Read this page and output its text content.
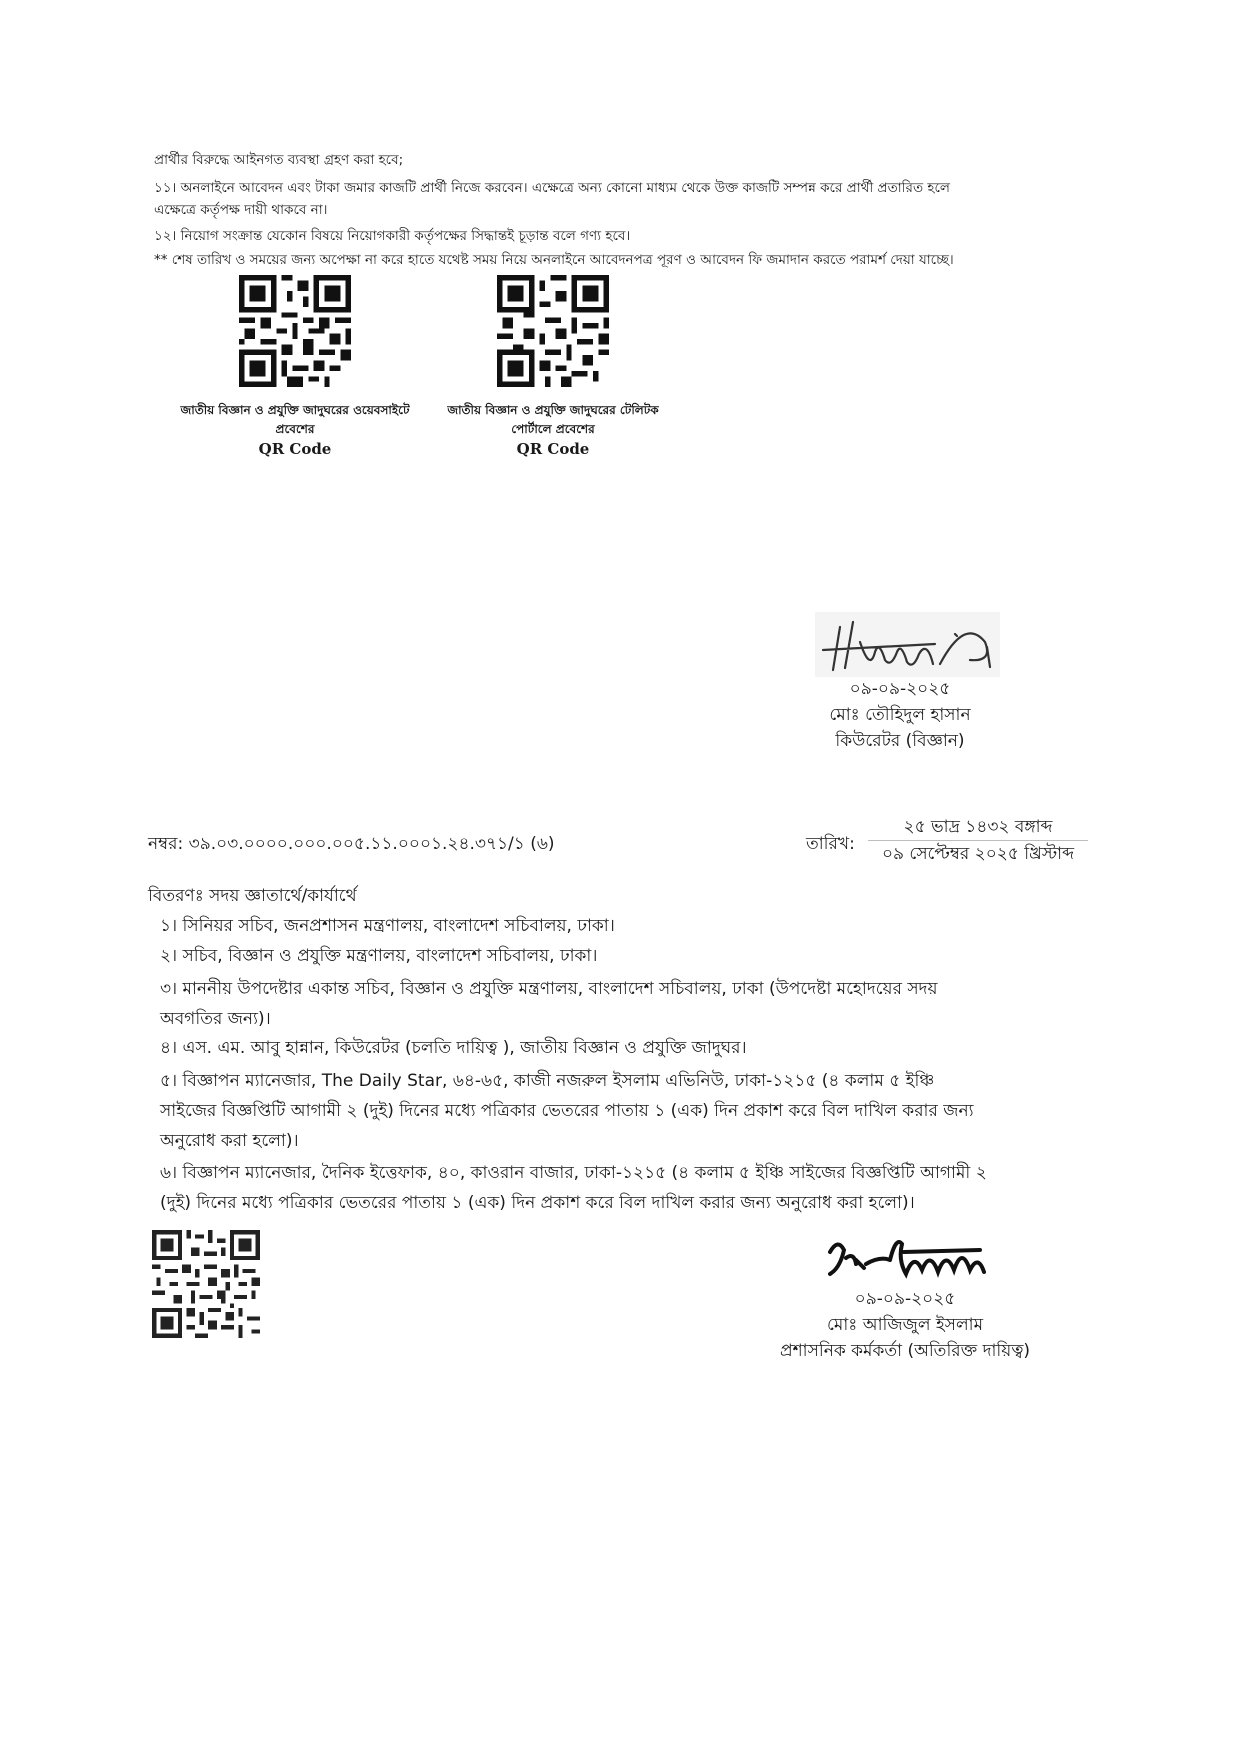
প্রার্থীর বিরুদ্ধে আইনগত ব্যবস্থা গ্রহণ করা হবে;
১১। অনলাইনে আবেদন এবং টাকা জমার কাজটি প্রার্থী নিজে করবেন। এক্ষেত্রে অন্য কোনো মাধ্যম থেকে উক্ত কাজটি সম্পন্ন করে প্রার্থী প্রতারিত হলে
এক্ষেত্রে কর্তৃপক্ষ দায়ী থাকবে না।
১২। নিয়োগ সংক্রান্ত যেকোন বিষয়ে নিয়োগকারী কর্তৃপক্ষের সিদ্ধান্তই চূড়ান্ত বলে গণ্য হবে।
** শেষ তারিখ ও সময়ের জন্য অপেক্ষা না করে হাতে যথেষ্ট সময় নিয়ে অনলাইনে আবেদনপত্র পূরণ ও আবেদন ফি জমাদান করতে পরামর্শ দেয়া যাচ্ছে।
জাতীয় বিজ্ঞান ও প্রযুক্তি জাদুঘরের ওয়েবসাইটে
প্রবেশের
QR Code
জাতীয় বিজ্ঞান ও প্রযুক্তি জাদুঘরের টেলিটক
পোর্টালে প্রবেশের
QR Code
০৯-০৯-২০২৫
মোঃ তৌহিদুল হাসান
কিউরেটর (বিজ্ঞান)
নম্বর: ৩৯.০৩.০০০০.০০০.০০৫.১১.০০০১.২৪.৩৭১/১ (৬)	তারিখ:
২৫ ভাদ্র ১৪৩২ বঙ্গাব্দ
০৯ সেপ্টেম্বর ২০২৫ খ্রিস্টাব্দ
বিতরণঃ সদয় জ্ঞাতার্থে/কার্যার্থে
১। সিনিয়র সচিব, জনপ্রশাসন মন্ত্রণালয়, বাংলাদেশ সচিবালয়, ঢাকা।
২। সচিব, বিজ্ঞান ও প্রযুক্তি মন্ত্রণালয়, বাংলাদেশ সচিবালয়, ঢাকা।
৩। মাননীয় উপদেষ্টার একান্ত সচিব, বিজ্ঞান ও প্রযুক্তি মন্ত্রণালয়, বাংলাদেশ সচিবালয়, ঢাকা (উপদেষ্টা মহোদয়ের সদয়
অবগতির জন্য)।
৪। এস. এম. আবু হান্নান, কিউরেটর (চলতি দায়িত্ব ), জাতীয় বিজ্ঞান ও প্রযুক্তি জাদুঘর।
৫। বিজ্ঞাপন ম্যানেজার, The Daily Star, ৬৪-৬৫, কাজী নজরুল ইসলাম এভিনিউ, ঢাকা-১২১৫ (৪ কলাম ৫ ইঞ্চি
সাইজের বিজ্ঞপ্তিটি আগামী ২ (দুই) দিনের মধ্যে পত্রিকার ভেতরের পাতায় ১ (এক) দিন প্রকাশ করে বিল দাখিল করার জন্য
অনুরোধ করা হলো)।
৬। বিজ্ঞাপন ম্যানেজার, দৈনিক ইত্তেফাক, ৪০, কাওরান বাজার, ঢাকা-১২১৫ (৪ কলাম ৫ ইঞ্চি সাইজের বিজ্ঞপ্তিটি আগামী ২
(দুই) দিনের মধ্যে পত্রিকার ভেতরের পাতায় ১ (এক) দিন প্রকাশ করে বিল দাখিল করার জন্য অনুরোধ করা হলো)।
০৯-০৯-২০২৫
মোঃ আজিজুল ইসলাম
প্রশাসনিক কর্মকর্তা (অতিরিক্ত দায়িত্ব)
